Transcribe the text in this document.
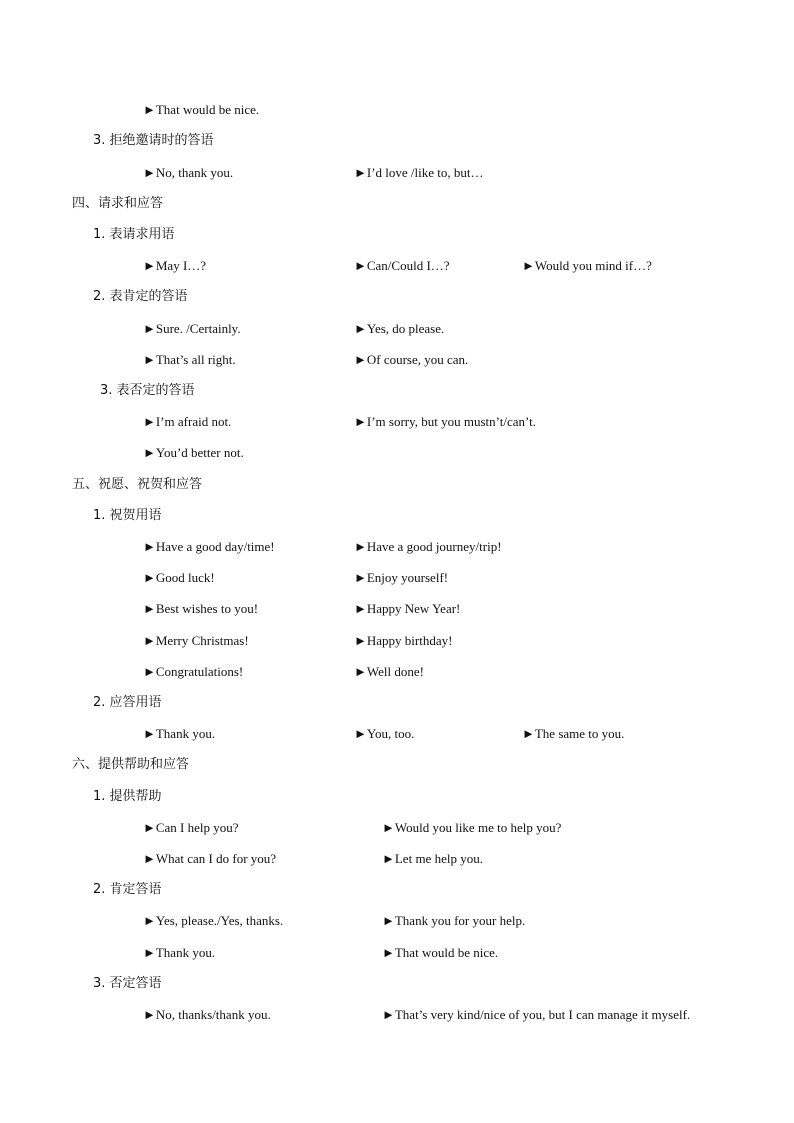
►That would be nice.
3. 拒绝邀请时的答语
►No, thank you.	►I’d love /like to, but…
四、请求和应答
1. 表请求用语
►May I…?	►Can/Could I…?	►Would you mind if…?
2. 表肯定的答语
►Sure. /Certainly.	►Yes, do please.
►That’s all right.	►Of course, you can.
3. 表否定的答语
►I’m afraid not.	►I’m sorry, but you mustn’t/can’t.
►You’d better not.
五、祝愿、祝贺和应答
1. 祝贺用语
►Have a good day/time!	►Have a good journey/trip!
►Good luck!	►Enjoy yourself!
►Best wishes to you!	►Happy New Year!
►Merry Christmas!	►Happy birthday!
►Congratulations!	►Well done!
2. 应答用语
►Thank you.	►You, too.	►The same to you.
六、提供帮助和应答
1. 提供帮助
►Can I help you?	►Would you like me to help you?
►What can I do for you?	►Let me help you.
2. 肯定答语
►Yes, please./Yes, thanks.	►Thank you for your help.
►Thank you.	►That would be nice.
3. 否定答语
►No, thanks/thank you.	►That’s very kind/nice of you, but I can manage it myself.
